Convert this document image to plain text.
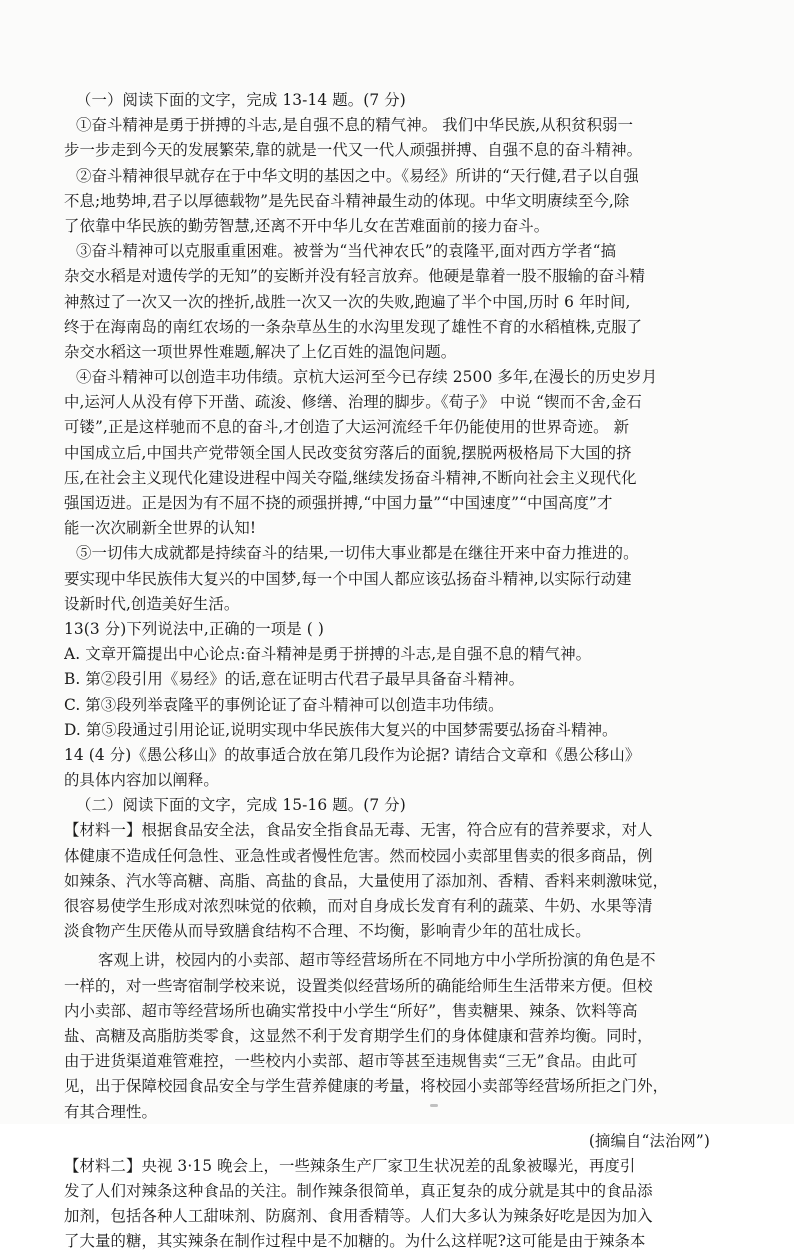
（一）阅读下面的文字，完成 13-14 题。(7 分)
①奋斗精神是勇于拼搏的斗志,是自强不息的精气神。 我们中华民族,从积贫积弱一
步一步走到今天的发展繁荣,靠的就是一代又一代人顽强拼搏、自强不息的奋斗精神。
②奋斗精神很早就存在于中华文明的基因之中。《易经》所讲的“天行健,君子以自强
不息;地势坤,君子以厚德载物”是先民奋斗精神最生动的体现。中华文明赓续至今,除
了依靠中华民族的勤劳智慧,还离不开中华儿女在苦难面前的接力奋斗。
③奋斗精神可以克服重重困难。被誉为“当代神农氏”的袁隆平,面对西方学者“搞
杂交水稻是对遗传学的无知”的妄断并没有轻言放弃。他硬是靠着一股不服输的奋斗精
神熬过了一次又一次的挫折,战胜一次又一次的失败,跑遍了半个中国,历时 6 年时间,
终于在海南岛的南红农场的一条杂草丛生的水沟里发现了雄性不育的水稻植株,克服了
杂交水稻这一项世界性难题,解决了上亿百姓的温饱问题。
④奋斗精神可以创造丰功伟绩。京杭大运河至今已存续 2500 多年,在漫长的历史岁月
中,运河人从没有停下开凿、疏浚、修缮、治理的脚步。《荀子》 中说 “锲而不舍,金石
可镂”,正是这样驰而不息的奋斗,才创造了大运河流经千年仍能使用的世界奇迹。 新
中国成立后,中国共产党带领全国人民改变贫穷落后的面貌,摆脱两极格局下大国的挤
压,在社会主义现代化建设进程中闯关夺隘,继续发扬奋斗精神,不断向社会主义现代化
强国迈进。正是因为有不屈不挠的顽强拼搏,“中国力量”“中国速度”“中国高度”才
能一次次刷新全世界的认知!
⑤一切伟大成就都是持续奋斗的结果,一切伟大事业都是在继往开来中奋力推进的。
要实现中华民族伟大复兴的中国梦,每一个中国人都应该弘扬奋斗精神,以实际行动建
设新时代,创造美好生活。
13(3 分)下列说法中,正确的一项是 ( )
A. 文章开篇提出中心论点:奋斗精神是勇于拼搏的斗志,是自强不息的精气神。
B. 第②段引用《易经》的话,意在证明古代君子最早具备奋斗精神。
C. 第③段列举袁隆平的事例论证了奋斗精神可以创造丰功伟绩。
D. 第⑤段通过引用论证,说明实现中华民族伟大复兴的中国梦需要弘扬奋斗精神。
14 (4 分)《愚公移山》的故事适合放在第几段作为论据? 请结合文章和《愚公移山》
的具体内容加以阐释。
（二）阅读下面的文字，完成 15-16 题。(7 分)
【材料一】根据食品安全法，食品安全指食品无毒、无害，符合应有的营养要求，对人
体健康不造成任何急性、亚急性或者慢性危害。然而校园小卖部里售卖的很多商品，例
如辣条、汽水等高糖、高脂、高盐的食品，大量使用了添加剂、香精、香料来刺激味觉，
很容易使学生形成对浓烈味觉的依赖，而对自身成长发育有利的蔬菜、牛奶、水果等清
淡食物产生厌倦从而导致膳食结构不合理、不均衡，影响青少年的茁壮成长。
客观上讲，校园内的小卖部、超市等经营场所在不同地方中小学所扮演的角色是不
一样的，对一些寄宿制学校来说，设置类似经营场所的确能给师生生活带来方便。但校
内小卖部、超市等经营场所也确实常投中小学生“所好”，售卖糖果、辣条、饮料等高
盐、高糖及高脂肪类零食，这显然不利于发育期学生们的身体健康和营养均衡。同时，
由于进货渠道难管难控，一些校内小卖部、超市等甚至违规售卖“三无”食品。由此可
见，出于保障校园食品安全与学生营养健康的考量，将校园小卖部等经营场所拒之门外，
有其合理性。
(摘编自“法治网”)
【材料二】央视 3·15 晚会上，一些辣条生产厂家卫生状况差的乱象被曝光，再度引
发了人们对辣条这种食品的关注。制作辣条很简单，真正复杂的成分就是其中的食品添
加剂，包括各种人工甜味剂、防腐剂、食用香精等。人们大多认为辣条好吃是因为加入
了大量的糖，其实辣条在制作过程中是不加糖的。为什么这样呢?这可能是由于辣条本
